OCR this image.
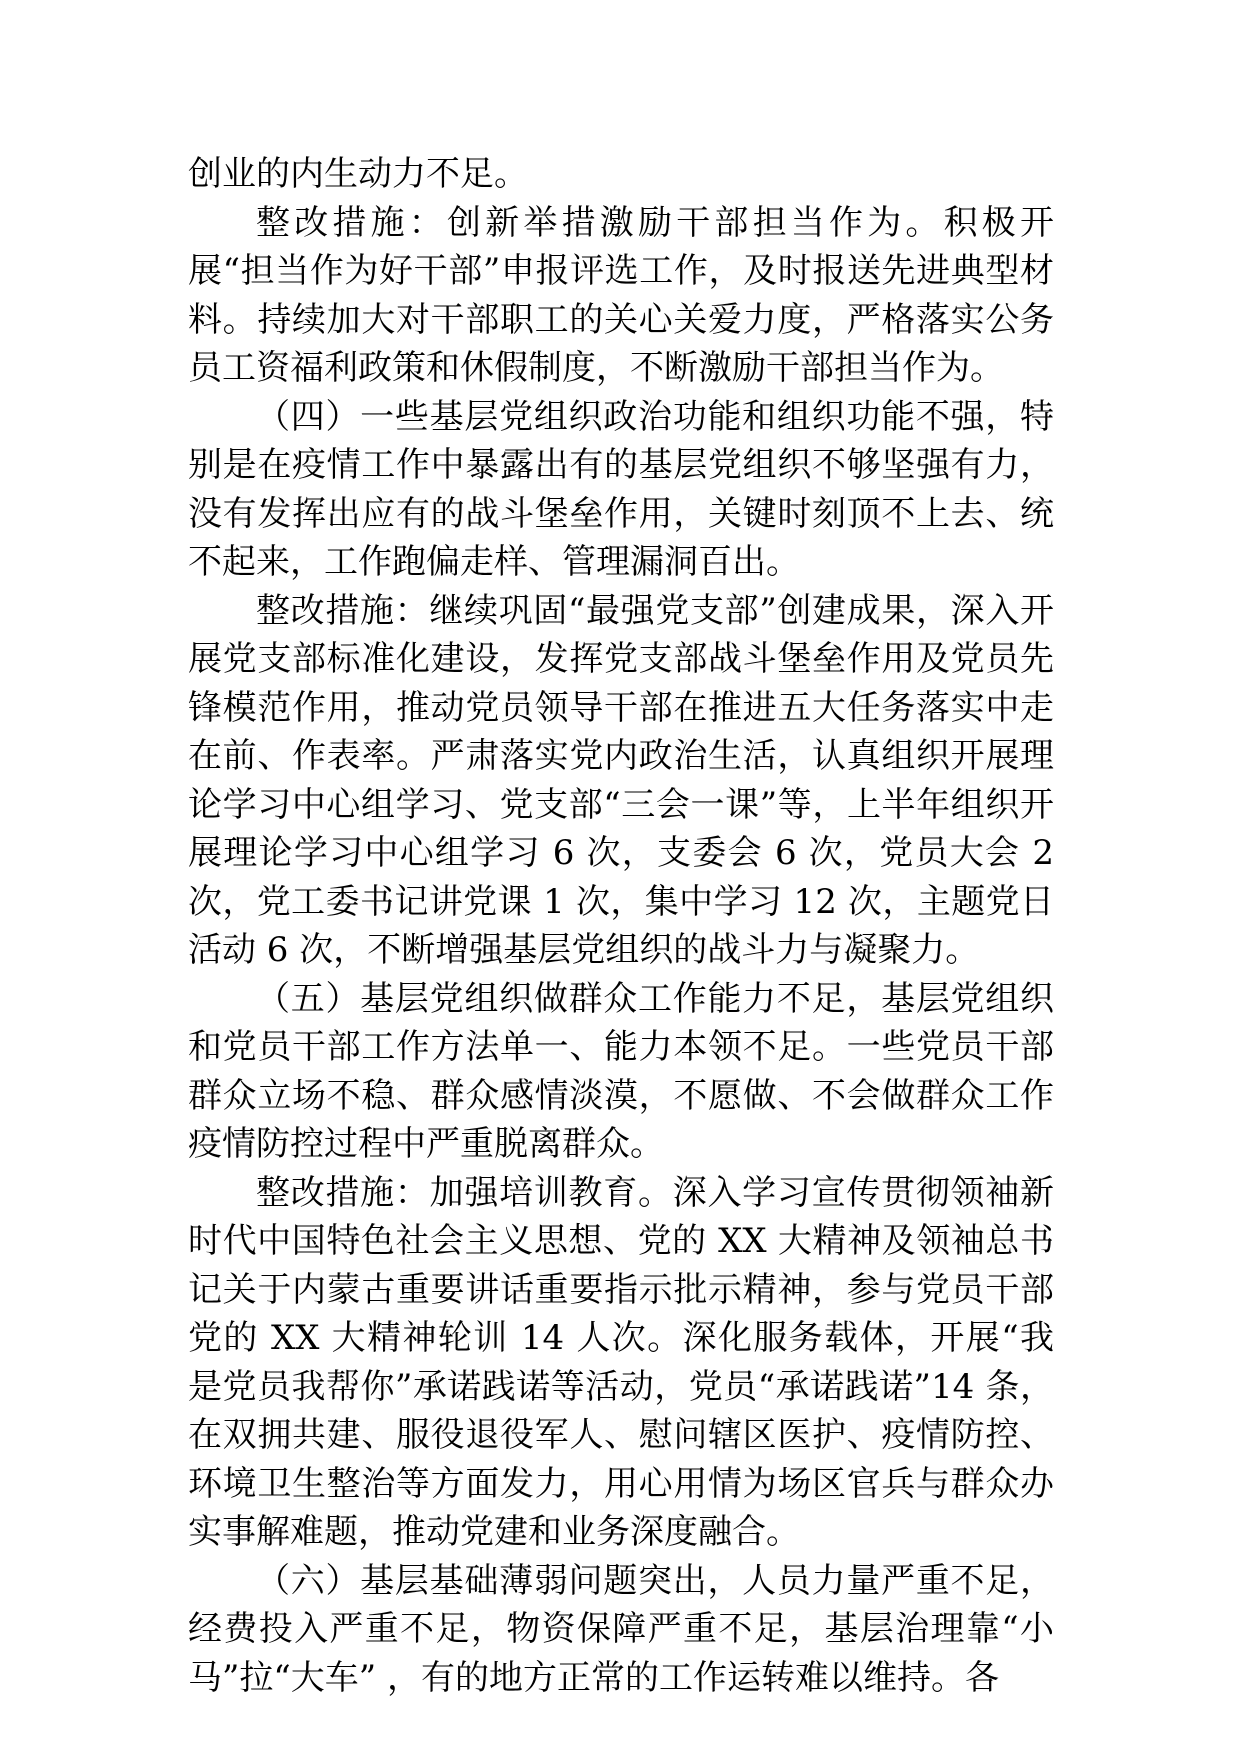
创业的内生动力不足。

整改措施：创新举措激励干部担当作为。积极开展“担当作为好干部”申报评选工作，及时报送先进典型材料。持续加大对干部职工的关心关爱力度，严格落实公务员工资福利政策和休假制度，不断激励干部担当作为。

（四）一些基层党组织政治功能和组织功能不强，特别是在疫情工作中暴露出有的基层党组织不够坚强有力，没有发挥出应有的战斗堡垒作用，关键时刻顶不上去、统不起来，工作跑偏走样、管理漏洞百出。

整改措施：继续巩固“最强党支部”创建成果，深入开展党支部标准化建设，发挥党支部战斗堡垒作用及党员先锋模范作用，推动党员领导干部在推进五大任务落实中走在前、作表率。严肃落实党内政治生活，认真组织开展理论学习中心组学习、党支部“三会一课”等，上半年组织开展理论学习中心组学习 6 次，支委会 6 次，党员大会 2 次，党工委书记讲党课 1 次，集中学习 12 次，主题党日活动 6 次，不断增强基层党组织的战斗力与凝聚力。

（五）基层党组织做群众工作能力不足，基层党组织和党员干部工作方法单一、能力本领不足。一些党员干部群众立场不稳、群众感情淡漠，不愿做、不会做群众工作疫情防控过程中严重脱离群众。

整改措施：加强培训教育。深入学习宣传贯彻领袖新时代中国特色社会主义思想、党的 XX 大精神及领袖总书记关于内蒙古重要讲话重要指示批示精神，参与党员干部党的 XX 大精神轮训 14 人次。深化服务载体，开展“我是党员我帮你”承诺践诺等活动，党员“承诺践诺”14 条，在双拥共建、服役退役军人、慰问辖区医护、疫情防控、环境卫生整治等方面发力，用心用情为场区官兵与群众办实事解难题，推动党建和业务深度融合。

（六）基层基础薄弱问题突出，人员力量严重不足，经费投入严重不足，物资保障严重不足，基层治理靠“小马”拉“大车” ，有的地方正常的工作运转难以维持。各
